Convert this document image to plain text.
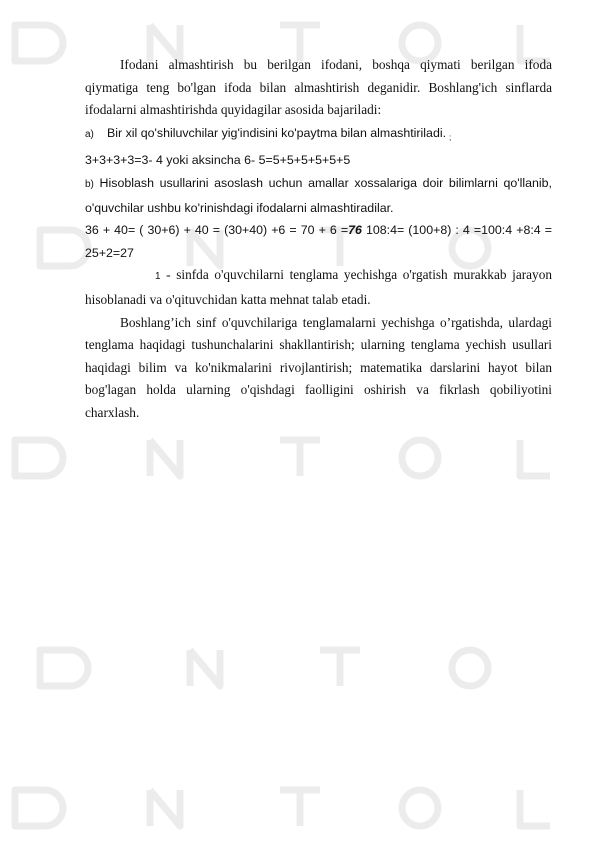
Ifodani almashtirish bu berilgan ifodani, boshqa qiymati berilgan ifoda qiymatiga teng bo'lgan ifoda bilan almashtirish deganidir. Boshlang'ich sinflarda ifodalarni almashtirishda quyidagilar asosida bajariladi:

a) Bir xil qo'shiluvchilar yig'indisini ko'paytma bilan almashtiriladi. $_;$

3+3+3+3=3- 4 yoki aksincha 6- 5=5+5+5+5+5+5

b) Hisoblash usullarini asoslash uchun amallar xossalariga doir bilimlarni qo'llanib, o'quvchilar ushbu ko'rinishdagi ifodalarni almashtiradilar.

36 + 40= ( 30+6) + 40 = (30+40) +6 = 70 + 6 =76 108:4= (100+8) : 4 =100:4 +8:4 = 25+2=27

1 - sinfda o'quvchilarni tenglama yechishga o'rgatish murakkab jarayon hisoblanadi va o'qituvchidan katta mehnat talab etadi.

Boshlang’ich sinf o'quvchilariga tenglamalarni yechishga o’rgatishda, ulardagi tenglama haqidagi tushunchalarini shakllantirish; ularning tenglama yechish usullari haqidagi bilim va ko'nikmalarini rivojlantirish; matematika darslarini hayot bilan bog'lagan holda ularning o'qishdagi faolligini oshirish va fikrlash qobiliyotini charxlash.
